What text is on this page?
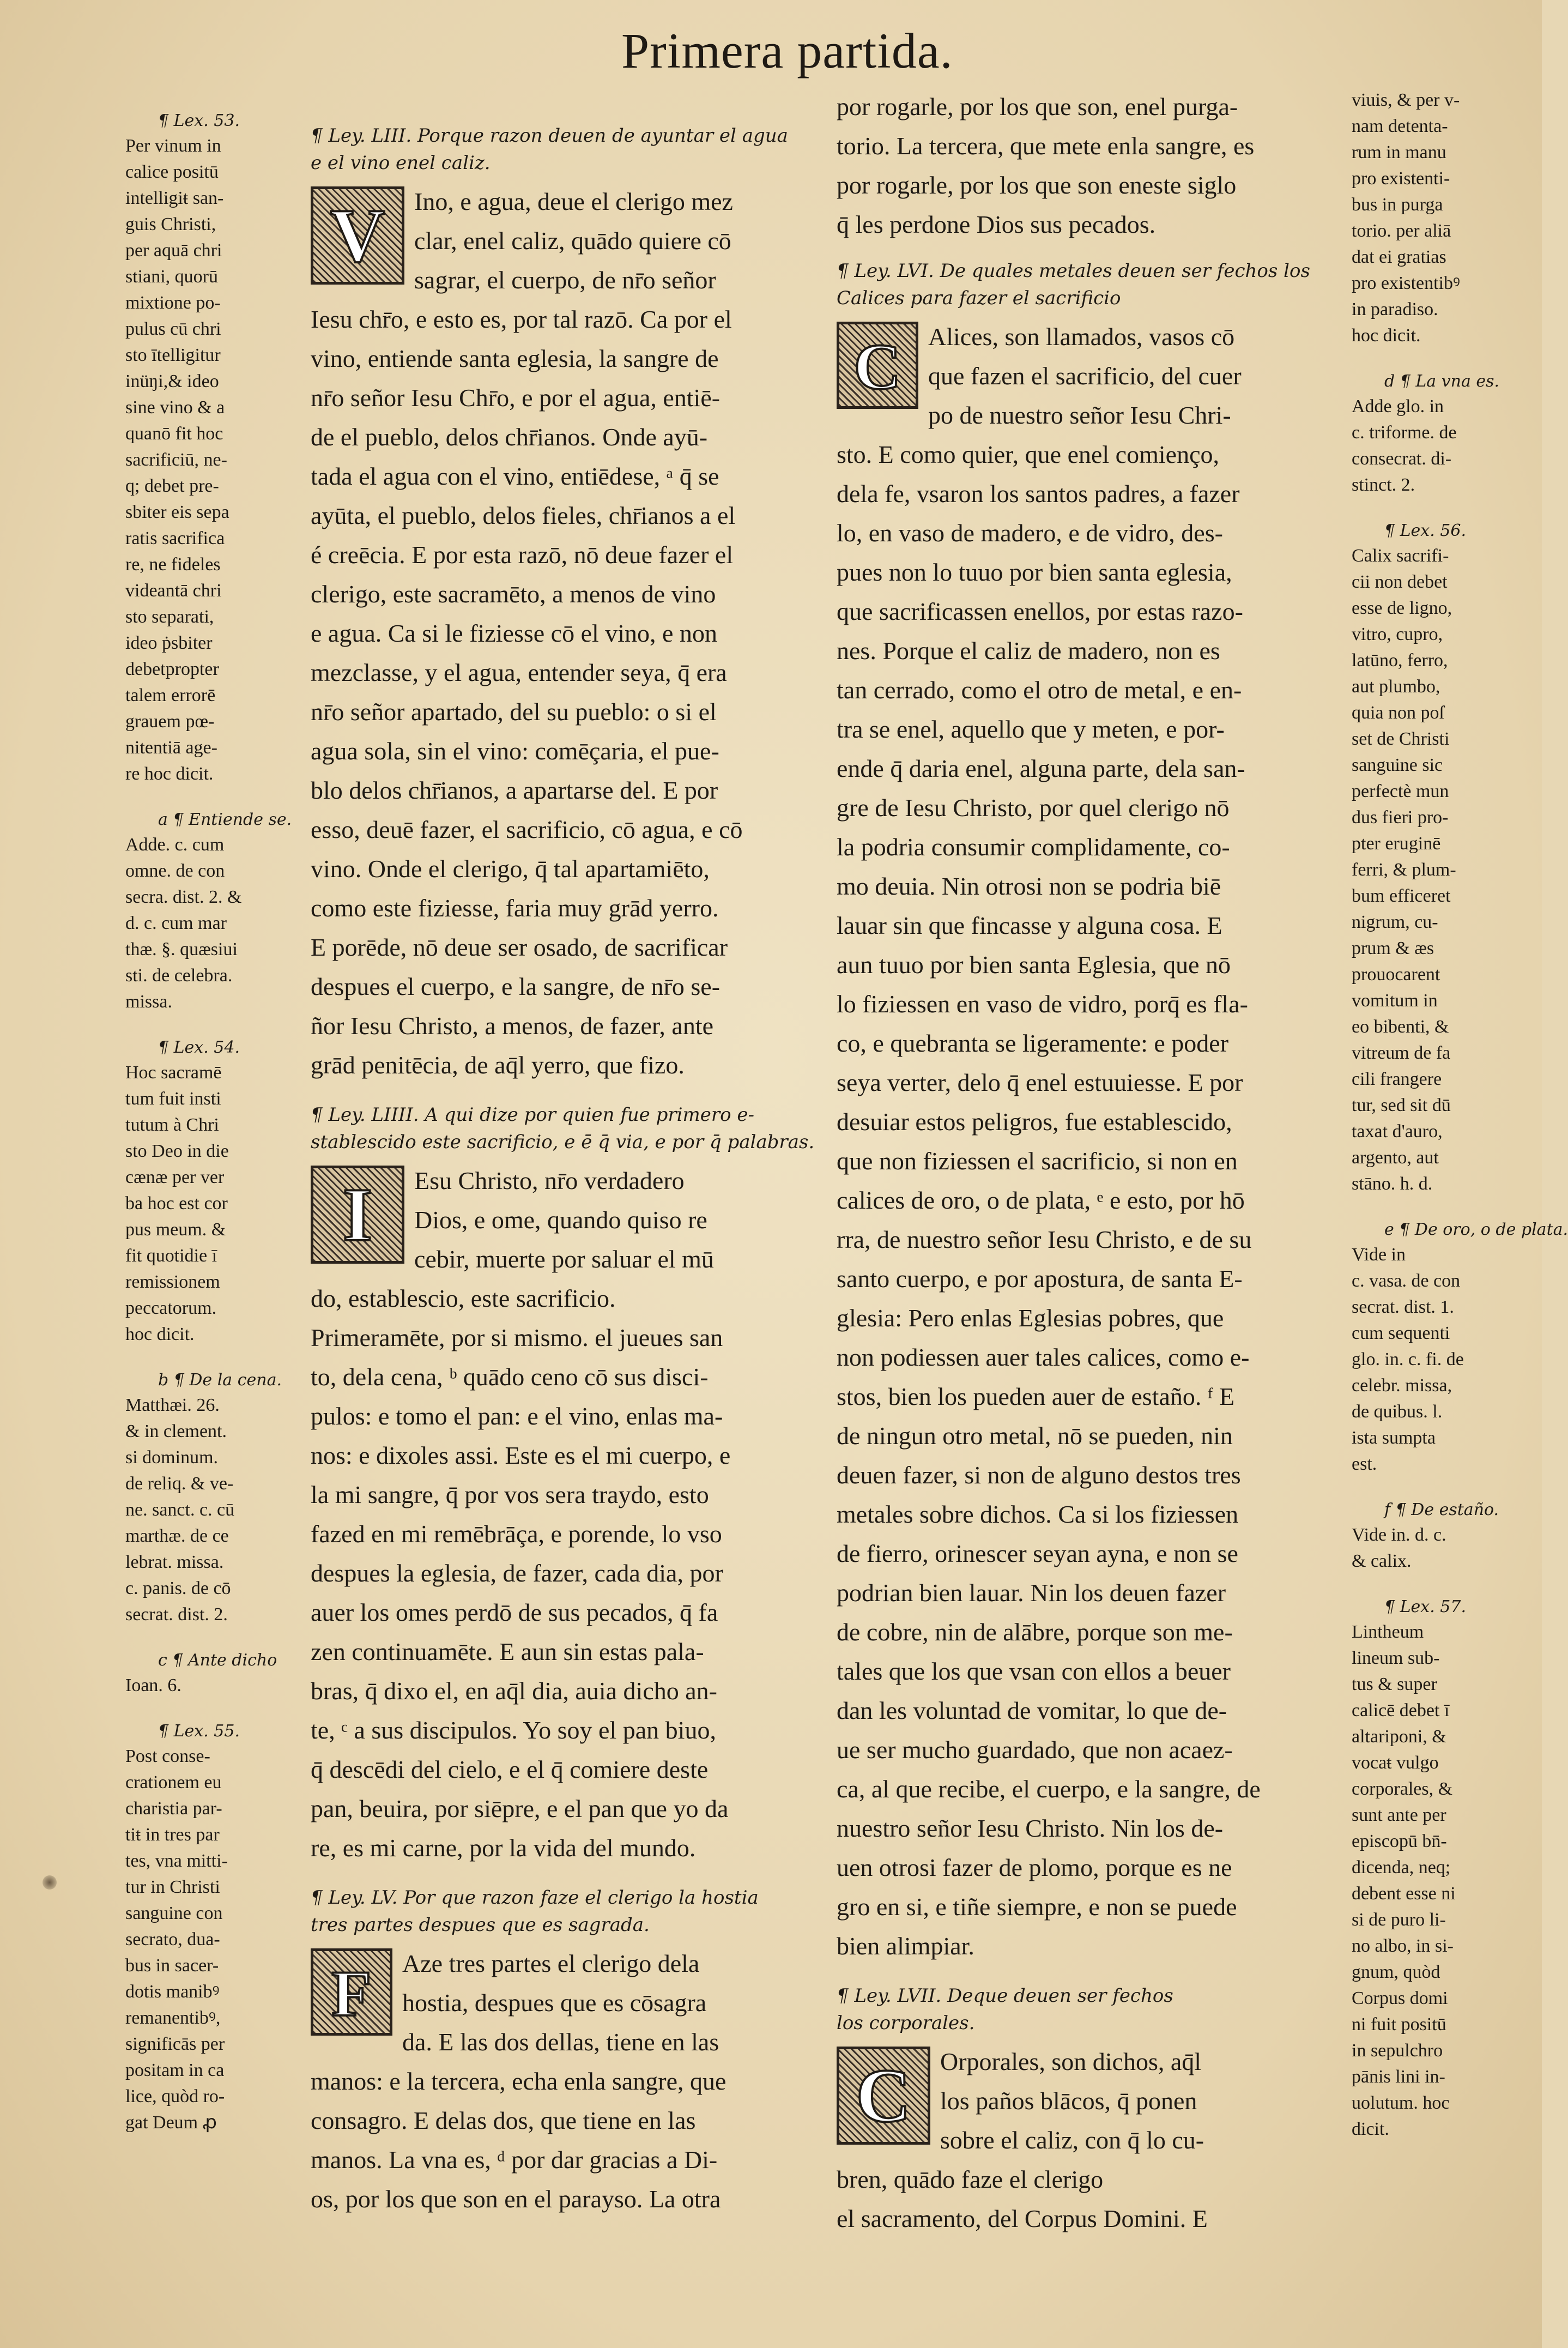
Primera partida.
¶ Lex. 53.
Per vinum in
calice positū
intelligiŧ san-
guis Christi,
per aquā chri
stiani, quorū
mixtione po-
pulus cū chri
sto ītelligitur
inüŋi,& ideo
sine vino & a
quanō fit hoc
sacrificiū, ne-
q; debet pre-
sbiter eis sepa
ratis sacrifica
re, ne fideles
videantā chri
sto separati,
ideo ṗsbiter
debetpropter
talem errorē
grauem pœ-
nitentiā age-
re hoc dicit.
a ¶ Entiende se.
Adde. c. cum
omne. de con
secra. dist. 2. &
d. c. cum mar
thæ. §. quæsiui
sti. de celebra.
missa.
¶ Lex. 54.
Hoc sacramē
tum fuit insti
tutum à Chri
sto Deo in die
cænæ per ver
ba hoc est cor
pus meum. &
fit quotidie ī
remissionem
peccatorum.
hoc dicit.
b ¶ De la cena.
Matthæi. 26.
& in clement.
si dominum.
de reliq. & ve-
ne. sanct. c. cū
marthæ. de ce
lebrat. missa.
c. panis. de cō
secrat. dist. 2.
c ¶ Ante dicho
Ioan. 6.
¶ Lex. 55.
Post conse-
crationem eu
charistia par-
tiŧ in tres par
tes, vna mitti-
tur in Christi
sanguine con
secrato, dua-
bus in sacer-
dotis manibꝰ
remanentibꝰ,
significās per
positam in ca
lice, quòd ro-
gat Deum ꝓ
¶ Ley. LIII. Porque razon deuen de ayuntar el agua
e el vino enel caliz.
V	Ino, e agua, deue el clerigo mez
clar, enel caliz, quādo quiere cō
sagrar, el cuerpo, de nr̄o señor
Iesu chr̄o, e esto es, por tal razō. Ca por el
vino, entiende santa eglesia, la sangre de
nr̄o señor Iesu Chr̄o, e por el agua, entiē-
de el pueblo, delos chr̄ianos. Onde ayū-
tada el agua con el vino, entiēdese, ᵃ q̄ se
ayūta, el pueblo, delos fieles, chr̄ianos a el
é creēcia. E por esta razō, nō deue fazer el
clerigo, este sacramēto, a menos de vino
e agua. Ca si le fiziesse cō el vino, e non
mezclasse, y el agua, entender seya, q̄ era
nr̄o señor apartado, del su pueblo: o si el
agua sola, sin el vino: comēçaria, el pue-
blo delos chr̄ianos, a apartarse del. E por
esso, deuē fazer, el sacrificio, cō agua, e cō
vino. Onde el clerigo, q̄ tal apartamiēto,
como este fiziesse, faria muy grād yerro.
E porēde, nō deue ser osado, de sacrificar
despues el cuerpo, e la sangre, de nr̄o se-
ñor Iesu Christo, a menos, de fazer, ante
grād penitēcia, de aq̄l yerro, que fizo.

¶ Ley. LIIII. A qui dize por quien fue primero e-
stablescido este sacrificio, e ē q̄ via, e por q̄ palabras.
I	Esu Christo, nr̄o verdadero
Dios, e ome, quando quiso re
cebir, muerte por saluar el mū
do, establescio, este sacrificio.
Primeramēte, por si mismo. el jueues san
to, dela cena, ᵇ quādo ceno cō sus disci-
pulos: e tomo el pan: e el vino, enlas ma-
nos: e dixoles assi. Este es el mi cuerpo, e
la mi sangre, q̄ por vos sera traydo, esto
fazed en mi remēbrāça, e porende, lo vso
despues la eglesia, de fazer, cada dia, por
auer los omes perdō de sus pecados, q̄ fa
zen continuamēte. E aun sin estas pala-
bras, q̄ dixo el, en aq̄l dia, auia dicho an-
te, ᶜ a sus discipulos. Yo soy el pan biuo,
q̄ descēdi del cielo, e el q̄ comiere deste
pan, beuira, por siēpre, e el pan que yo da
re, es mi carne, por la vida del mundo.

¶ Ley. LV. Por que razon faze el clerigo la hostia
tres partes despues que es sagrada.
F	Aze tres partes el clerigo dela
hostia, despues que es cōsagra
da. E las dos dellas, tiene en las
manos: e la tercera, echa enla sangre, que
consagro. E delas dos, que tiene en las
manos. La vna es, ᵈ por dar gracias a Di-
os, por los que son en el parayso. La otra

por rogarle, por los que son, enel purga-
torio. La tercera, que mete enla sangre, es
por rogarle, por los que son eneste siglo
q̄ les perdone Dios sus pecados.

¶ Ley. LVI. De quales metales deuen ser fechos los
Calices para fazer el sacrificio
C	Alices, son llamados, vasos cō
que fazen el sacrificio, del cuer
po de nuestro señor Iesu Chri-
sto. E como quier, que enel comienço,
dela fe, vsaron los santos padres, a fazer
lo, en vaso de madero, e de vidro, des-
pues non lo tuuo por bien santa eglesia,
que sacrificassen enellos, por estas razo-
nes. Porque el caliz de madero, non es
tan cerrado, como el otro de metal, e en-
tra se enel, aquello que y meten, e por-
ende q̄ daria enel, alguna parte, dela san-
gre de Iesu Christo, por quel clerigo nō
la podria consumir complidamente, co-
mo deuia. Nin otrosi non se podria biē
lauar sin que fincasse y alguna cosa. E
aun tuuo por bien santa Eglesia, que nō
lo fiziessen en vaso de vidro, porq̄ es fla-
co, e quebranta se ligeramente: e poder
seya verter, delo q̄ enel estuuiesse. E por
desuiar estos peligros, fue establescido,
que non fiziessen el sacrificio, si non en
calices de oro, o de plata, ᵉ e esto, por hō
rra, de nuestro señor Iesu Christo, e de su
santo cuerpo, e por apostura, de santa E-
glesia: Pero enlas Eglesias pobres, que
non podiessen auer tales calices, como e-
stos, bien los pueden auer de estaño. ᶠ E
de ningun otro metal, nō se pueden, nin
deuen fazer, si non de alguno destos tres
metales sobre dichos. Ca si los fiziessen
de fierro, orinescer seyan ayna, e non se
podrian bien lauar. Nin los deuen fazer
de cobre, nin de alābre, porque son me-
tales que los que vsan con ellos a beuer
dan les voluntad de vomitar, lo que de-
ue ser mucho guardado, que non acaez-
ca, al que recibe, el cuerpo, e la sangre, de
nuestro señor Iesu Christo. Nin los de-
uen otrosi fazer de plomo, porque es ne
gro en si, e tiñe siempre, e non se puede
bien alimpiar.

¶ Ley. LVII. Deque deuen ser fechos
los corporales.
C	Orporales, son dichos, aq̄l
los paños blācos, q̄ ponen
sobre el caliz, con q̄ lo cu-
bren, quādo faze el clerigo
el sacramento, del Corpus Domini. E

viuis, & per v-
nam detenta-
rum in manu
pro existenti-
bus in purga
torio. per aliā
dat ei gratias
pro existentibꝰ
in paradiso.
hoc dicit.
d ¶ La vna es.
Adde glo. in
c. triforme. de
consecrat. di-
stinct. 2.
¶ Lex. 56.
Calix sacrifi-
cii non debet
esse de ligno,
vitro, cupro,
latūno, ferro,
aut plumbo,
quia non poſ
set de Christi
sanguine sic
perfectè mun
dus fieri pro-
pter eruginē
ferri, & plum-
bum efficeret
nigrum, cu-
prum & æs
prouocarent
vomitum in
eo bibenti, &
vitreum de fa
cili frangere
tur, sed sit dū
taxat d'auro,
argento, aut
stāno. h. d.
e ¶ De oro, o de plata.
Vide in
c. vasa. de con
secrat. dist. 1.
cum sequenti
glo. in. c. fi. de
celebr. missa,
de quibus. l.
ista sumpta
est.
f ¶ De estaño.
Vide in. d. c.
& calix.
¶ Lex. 57.
Lintheum
lineum sub-
tus & super
calicē debet ī
altariponi, &
vocaŧ vulgo
corporales, &
sunt ante per
episcopū bn̄-
dicenda, neq;
debent esse ni
si de puro li-
no albo, in si-
gnum, quòd
Corpus domi
ni fuit positū
in sepulchro
pānis lini in-
uolutum. hoc
dicit.
